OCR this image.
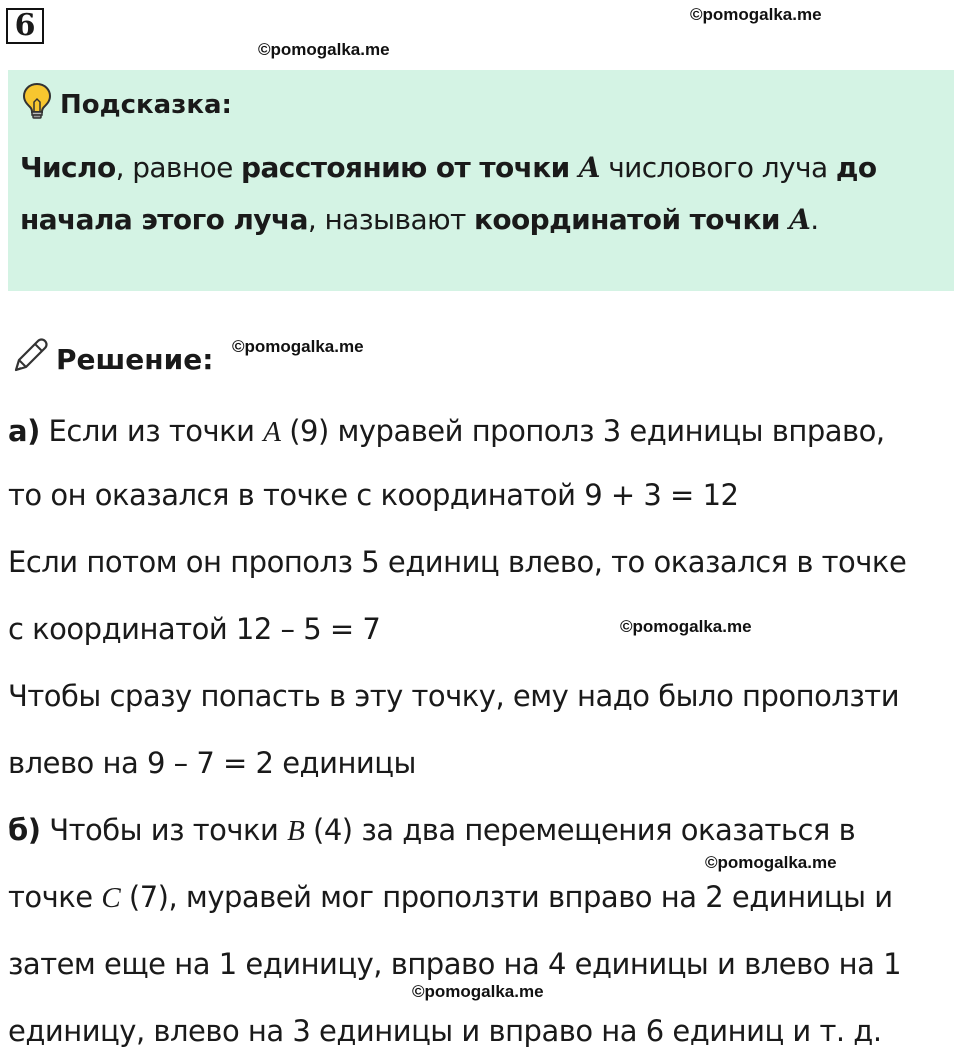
6	©pomogalka.me
©pomogalka.me
Подсказка:
Число, равное расстоянию от точки A числового луча до
начала этого луча, называют координатой точки A.
Решение: ©pomogalka.me
а) Если из точки A (9) муравей прополз 3 единицы вправо,
то он оказался в точке с координатой 9 + 3 = 12
Если потом он прополз 5 единиц влево, то оказался в точке
с координатой 12 – 5 = 7	©pomogalka.me
Чтобы сразу попасть в эту точку, ему надо было проползти
влево на 9 – 7 = 2 единицы
б) Чтобы из точки B (4) за два перемещения оказаться в
©pomogalka.me
точке C (7), муравей мог проползти вправо на 2 единицы и
затем еще на 1 единицу, вправо на 4 единицы и влево на 1
©pomogalka.me
единицу, влево на 3 единицы и вправо на 6 единиц и т. д.
